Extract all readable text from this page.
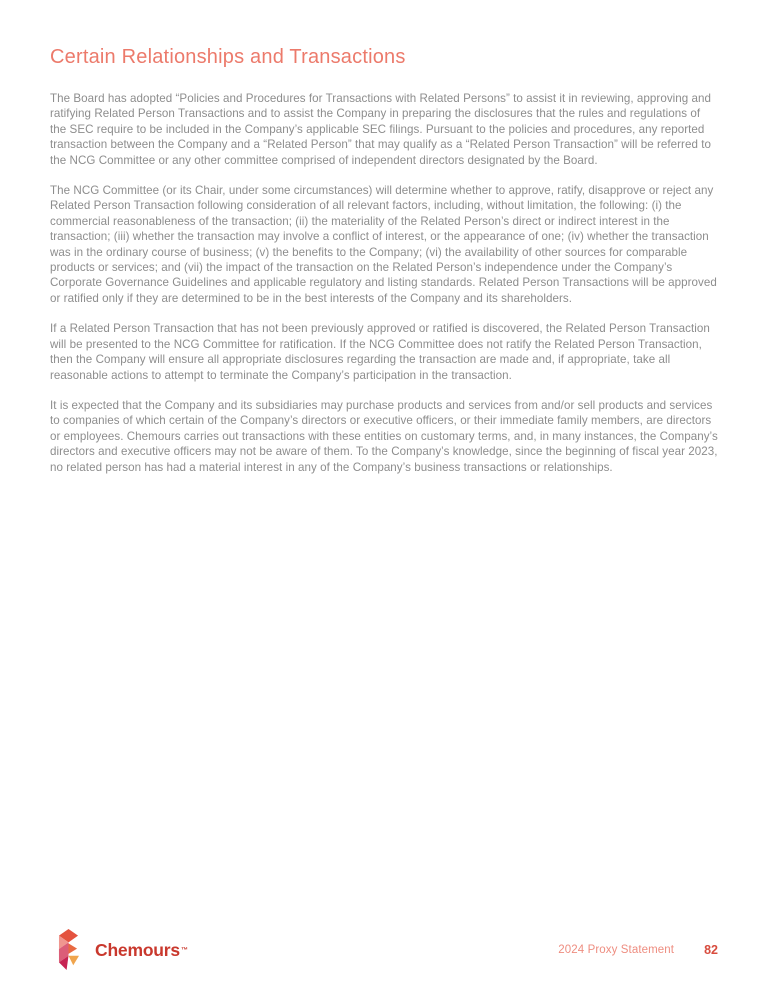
Certain Relationships and Transactions

The Board has adopted “Policies and Procedures for Transactions with Related Persons” to assist it in reviewing, approving and ratifying Related Person Transactions and to assist the Company in preparing the disclosures that the rules and regulations of the SEC require to be included in the Company’s applicable SEC filings. Pursuant to the policies and procedures, any reported transaction between the Company and a “Related Person” that may qualify as a “Related Person Transaction” will be referred to the NCG Committee or any other committee comprised of independent directors designated by the Board.

The NCG Committee (or its Chair, under some circumstances) will determine whether to approve, ratify, disapprove or reject any Related Person Transaction following consideration of all relevant factors, including, without limitation, the following: (i) the commercial reasonableness of the transaction; (ii) the materiality of the Related Person’s direct or indirect interest in the transaction; (iii) whether the transaction may involve a conflict of interest, or the appearance of one; (iv) whether the transaction was in the ordinary course of business; (v) the benefits to the Company; (vi) the availability of other sources for comparable products or services; and (vii) the impact of the transaction on the Related Person’s independence under the Company’s Corporate Governance Guidelines and applicable regulatory and listing standards. Related Person Transactions will be approved or ratified only if they are determined to be in the best interests of the Company and its shareholders.

If a Related Person Transaction that has not been previously approved or ratified is discovered, the Related Person Transaction will be presented to the NCG Committee for ratification. If the NCG Committee does not ratify the Related Person Transaction, then the Company will ensure all appropriate disclosures regarding the transaction are made and, if appropriate, take all reasonable actions to attempt to terminate the Company’s participation in the transaction.

It is expected that the Company and its subsidiaries may purchase products and services from and/or sell products and services to companies of which certain of the Company’s directors or executive officers, or their immediate family members, are directors or employees. Chemours carries out transactions with these entities on customary terms, and, in many instances, the Company’s directors and executive officers may not be aware of them. To the Company’s knowledge, since the beginning of fiscal year 2023, no related person has had a material interest in any of the Company’s business transactions or relationships.

Chemours ™	2024 Proxy Statement 82
